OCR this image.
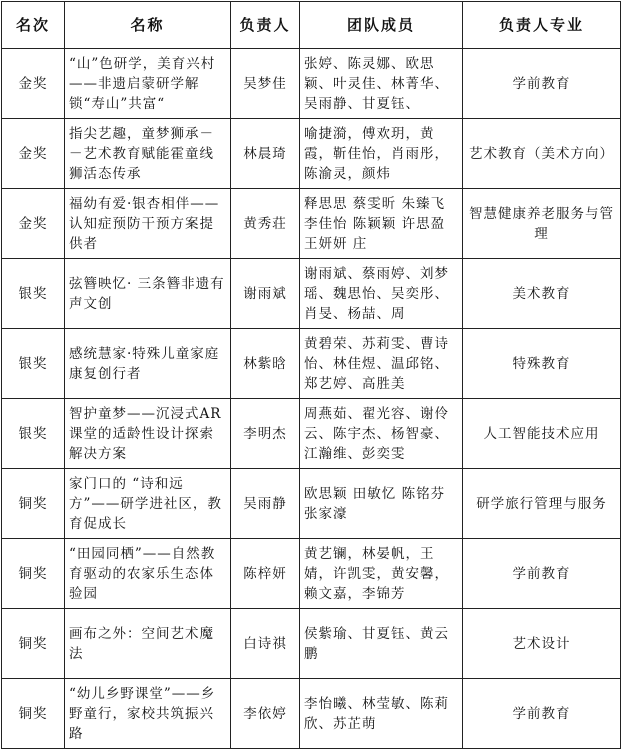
名次	名称	负责人	团队成员	负责人专业
金奖	“山”色研学，美育兴村——非遗启蒙研学解锁“寿山”共富“	吴梦佳	张婷、陈灵娜、欧思颖、叶灵佳、林菁华、吴雨静、甘夏钰、	学前教育
金奖	指尖艺趣，童梦狮承－－艺术教育赋能霍童线狮活态传承	林晨琦	喻捷漪，傅欢玥，黄霞，靳佳怡，肖雨彤，陈渝灵，颜炜	艺术教育（美术方向）
金奖	福幼有爱·银杏相伴——认知症预防干预方案提供者	黄秀荘	释思思 蔡雯昕 朱臻飞 李佳怡 陈颖颖 许思盈 王妍妍 庄	智慧健康养老服务与管理
银奖	弦簪映忆· 三条簪非遗有声文创	谢雨斌	谢雨斌、蔡雨婷、刘梦瑶、魏思怡、吴奕彤、肖旻、杨喆、周	美术教育
银奖	感统慧家·特殊儿童家庭康复创行者	林紫晗	黄碧荣、苏莉雯、曹诗怡、林佳煜、温邱铭、郑艺婷、高胜美	特殊教育
银奖	智护童梦——沉浸式AR课堂的适龄性设计探索解决方案	李明杰	周燕茹、翟光容、谢伶云、陈宇杰、杨智豪、江瀚维、彭奕雯	人工智能技术应用
铜奖	家门口的 “诗和远方”——研学进社区，教育促成长	吴雨静	欧思颖 田敏忆 陈铭芬 张家濠	研学旅行管理与服务
铜奖	“田园同栖”——自然教育驱动的农家乐生态体验园	陈梓妍	黄艺镧，林晏帆，王婧，许凯雯，黄安馨，赖文嘉，李锦芳	学前教育
铜奖	画布之外：空间艺术魔法	白诗祺	侯紫瑜、甘夏钰、黄云鹏	艺术设计
铜奖	“幼儿乡野课堂”——乡野童行，家校共筑振兴路	李依婷	李怡曦、林莹敏、陈莉欣、苏芷萌	学前教育
